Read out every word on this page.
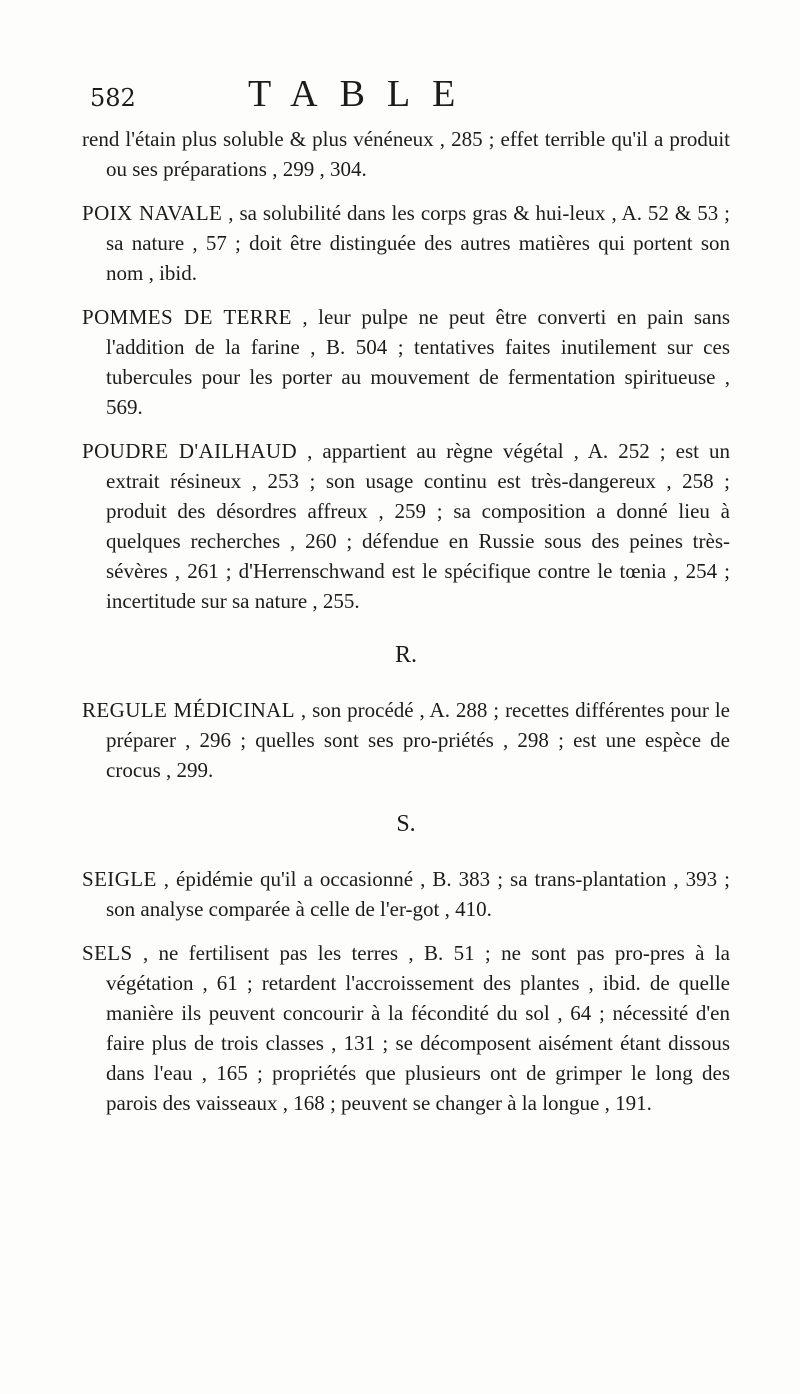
582	TABLE

rend l'étain plus soluble & plus vénéneux , 285 ; effet terrible qu'il a produit ou ses préparations , 299 , 304.

POIX NAVALE , sa solubilité dans les corps gras & hui-leux , A. 52 & 53 ; sa nature , 57 ; doit être distinguée des autres matières qui portent son nom , ibid.

POMMES DE TERRE , leur pulpe ne peut être converti en pain sans l'addition de la farine , B. 504 ; tentatives faites inutilement sur ces tubercules pour les porter au mouvement de fermentation spiritueuse , 569.

POUDRE D'AILHAUD , appartient au règne végétal , A. 252 ; est un extrait résineux , 253 ; son usage continu est très-dangereux , 258 ; produit des désordres affreux , 259 ; sa composition a donné lieu à quelques recherches , 260 ; défendue en Russie sous des peines très-sévères , 261 ; d'Herrenschwand est le spécifique contre le tœnia , 254 ; incertitude sur sa nature , 255.

R.

REGULE MÉDICINAL , son procédé , A. 288 ; recettes différentes pour le préparer , 296 ; quelles sont ses pro-priétés , 298 ; est une espèce de crocus , 299.

S.

SEIGLE , épidémie qu'il a occasionné , B. 383 ; sa trans-plantation , 393 ; son analyse comparée à celle de l'er-got , 410.

SELS , ne fertilisent pas les terres , B. 51 ; ne sont pas pro-pres à la végétation , 61 ; retardent l'accroissement des plantes , ibid. de quelle manière ils peuvent concourir à la fécondité du sol , 64 ; nécessité d'en faire plus de trois classes , 131 ; se décomposent aisément étant dissous dans l'eau , 165 ; propriétés que plusieurs ont de grimper le long des parois des vaisseaux , 168 ; peuvent se changer à la longue , 191.
